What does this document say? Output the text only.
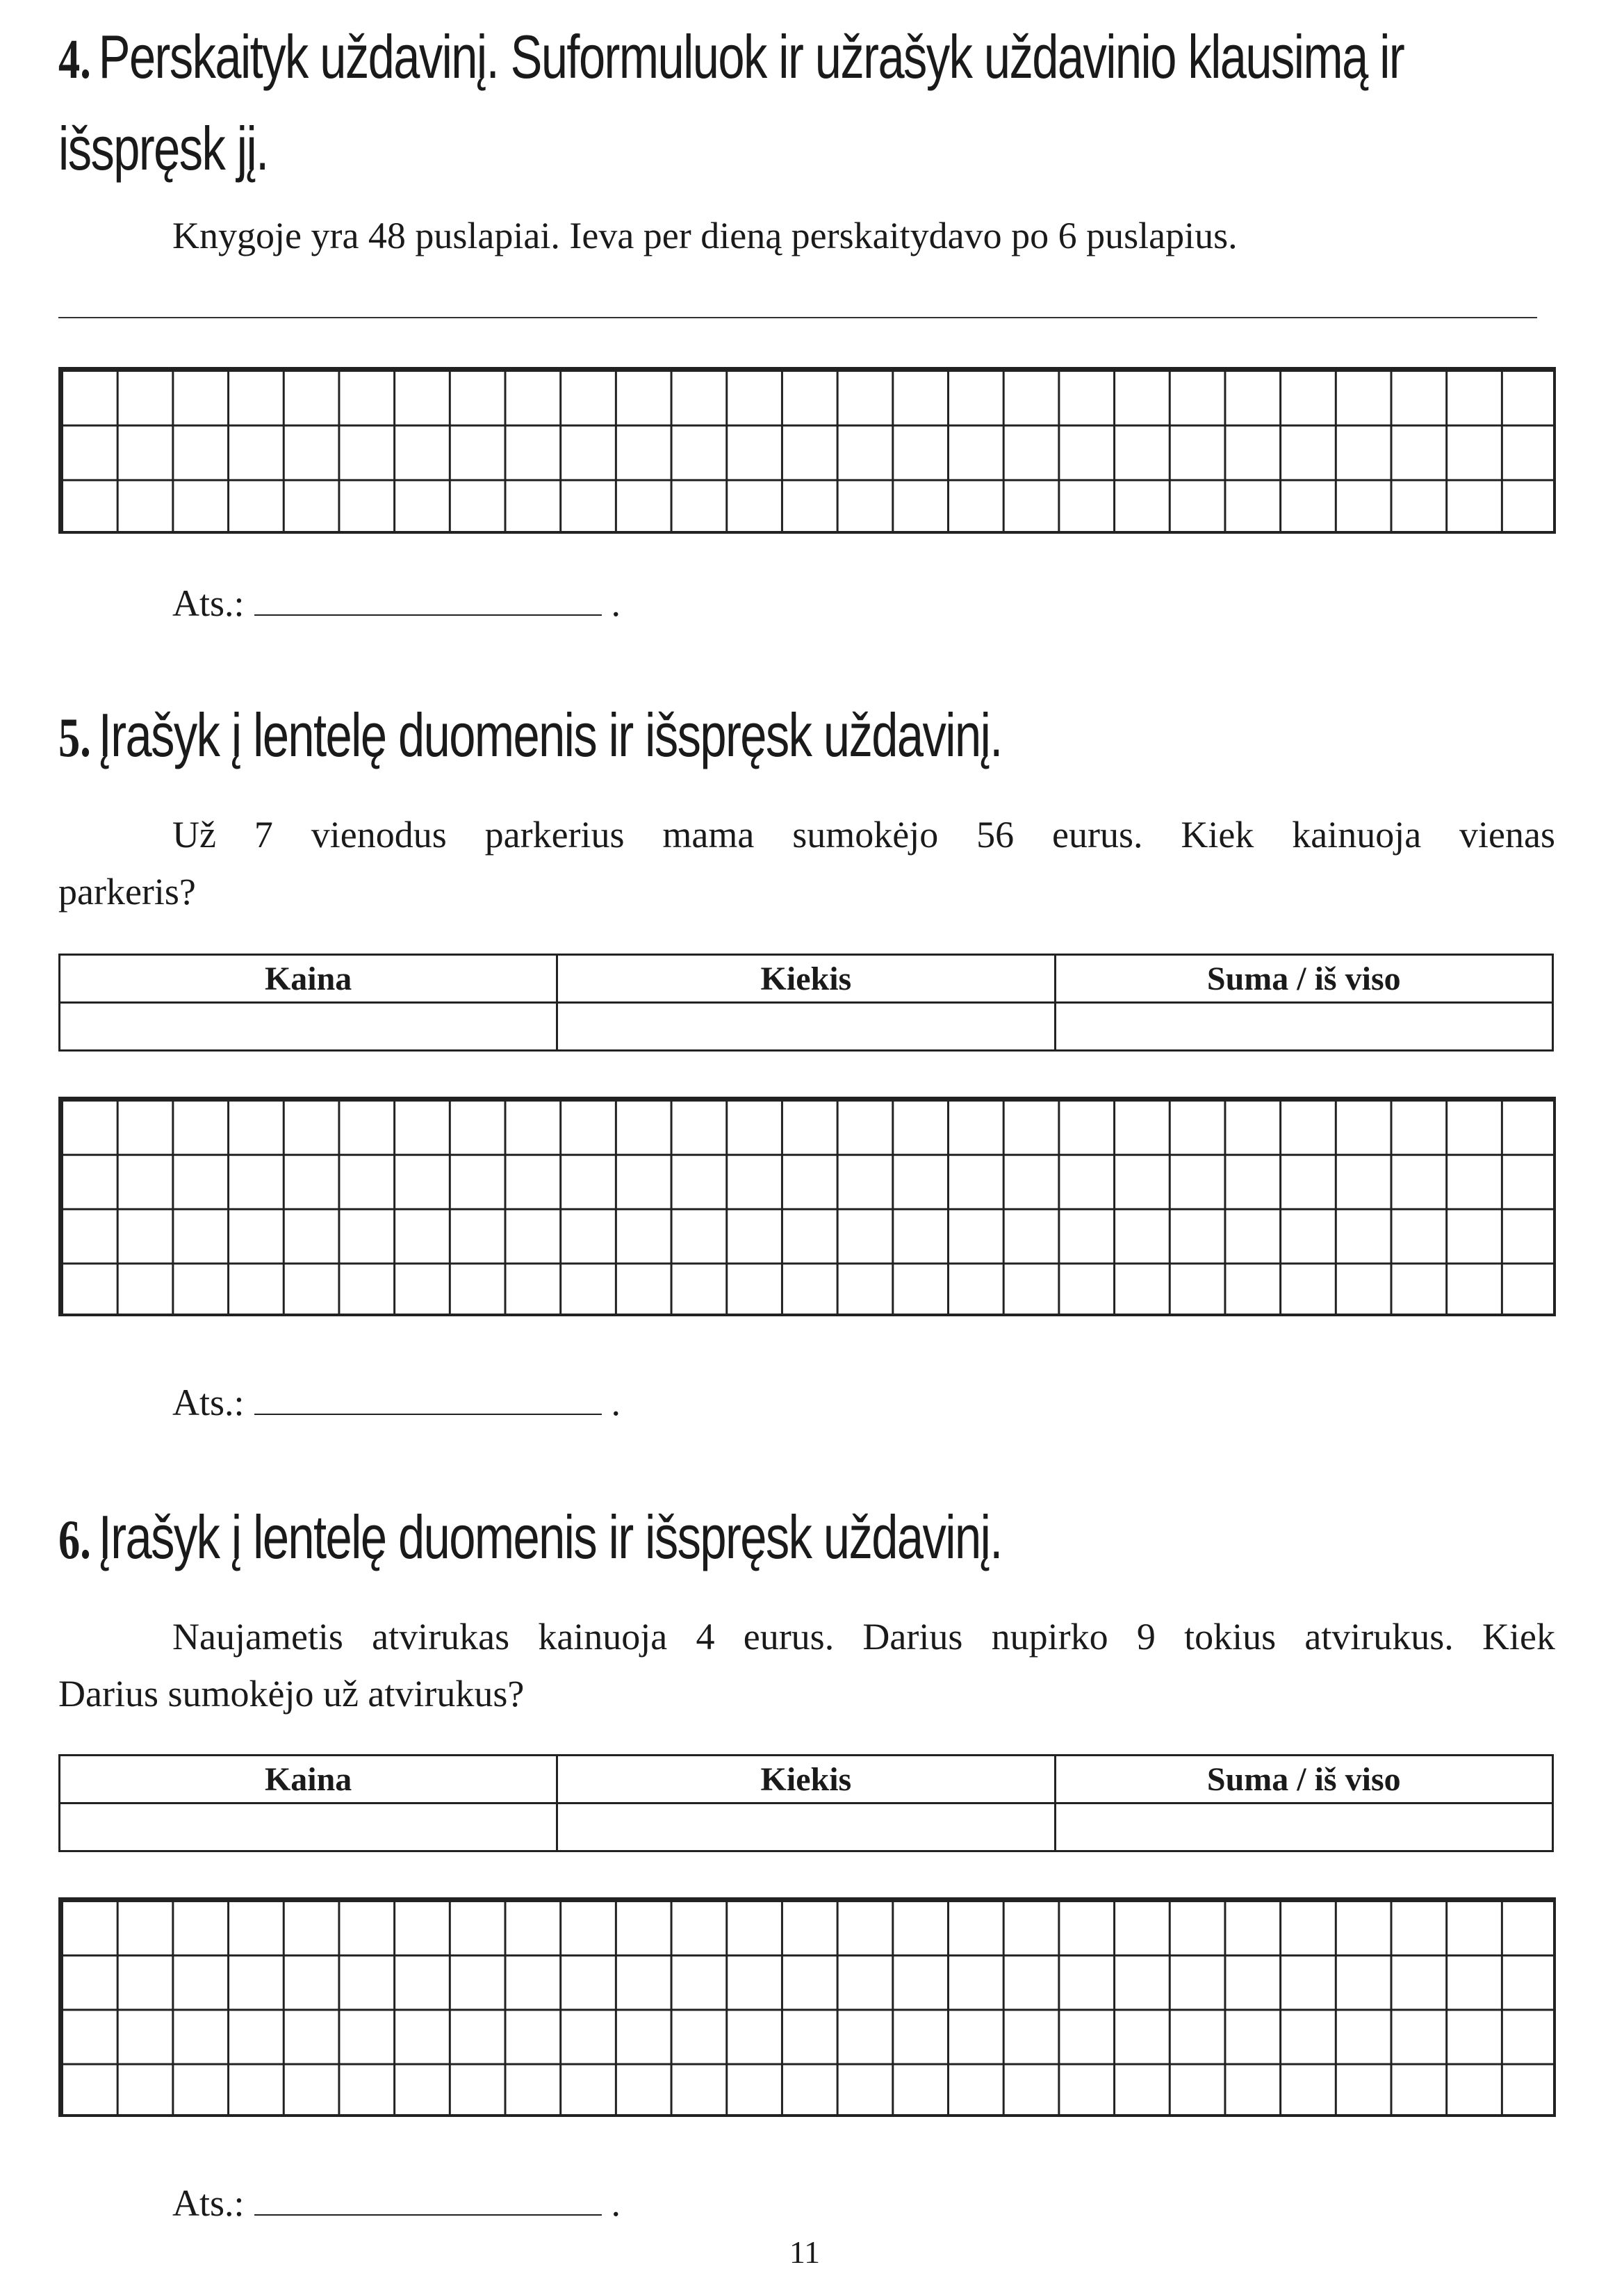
4. Perskaityk uždavinį. Suformuluok ir užrašyk uždavinio klausimą ir
išspręsk jį.
Knygoje yra 48 puslapiai. Ieva per dieną perskaitydavo po 6 puslapius.
Ats.:	.
5. Įrašyk į lentelę duomenis ir išspręsk uždavinį.
Už 7 vienodus parkerius mama sumokėjo 56 eurus. Kiek kainuoja vienas
parkeris?
Kaina	Kiekis	Suma / iš viso

Ats.:	.
6. Įrašyk į lentelę duomenis ir išspręsk uždavinį.
Naujametis atvirukas kainuoja 4 eurus. Darius nupirko 9 tokius atvirukus. Kiek
Darius sumokėjo už atvirukus?
Kaina	Kiekis	Suma / iš viso

Ats.:	.
11
